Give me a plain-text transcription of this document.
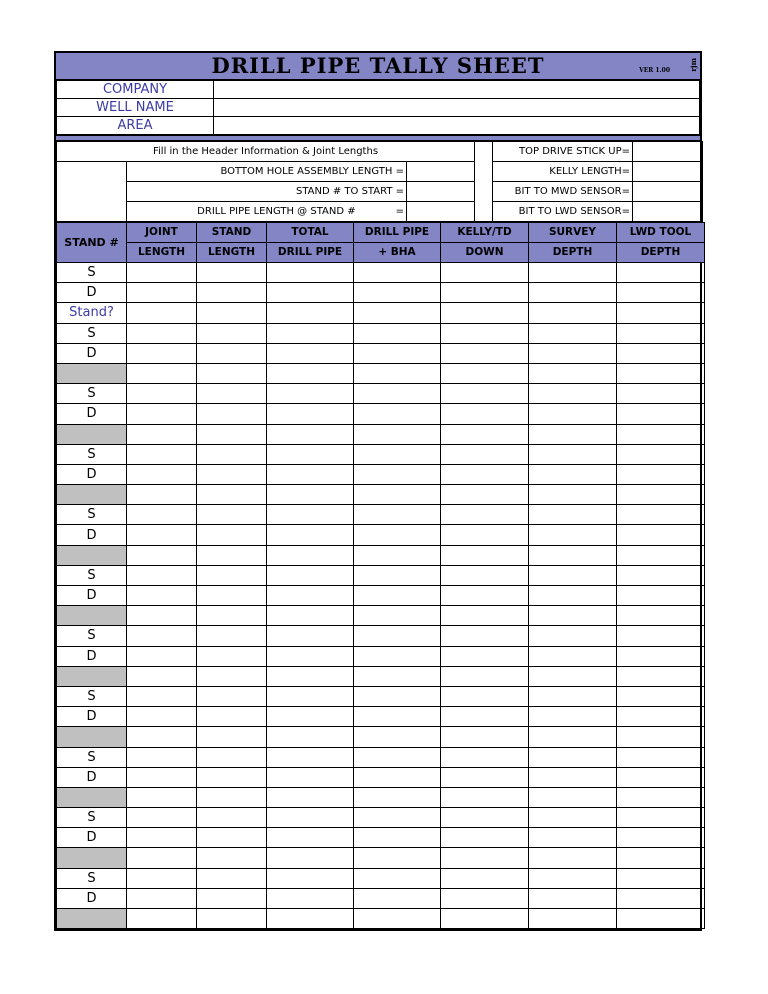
DRILL PIPE TALLY SHEET	VER 1.00	rjm
COMPANY	
WELL NAME	
AREA	
Fill in the Header Information & Joint Lengths				TOP DRIVE STICK UP=	
	BOTTOM HOLE ASSEMBLY LENGTH =			KELLY LENGTH=	
	STAND # TO START =			BIT TO MWD SENSOR=	
	DRILL PIPE LENGTH @ STAND # =			BIT TO LWD SENSOR=	
STAND #	JOINT	STAND	TOTAL	DRILL PIPE	KELLY/TD	SURVEY	LWD TOOL
	LENGTH	LENGTH	DRILL PIPE	+ BHA	DOWN	DEPTH	DEPTH
S							
D							
Stand?							
S							
D							

S							
D							

S							
D							

S							
D							

S							
D							

S							
D							

S							
D							

S							
D							

S							
D							

S							
D							
